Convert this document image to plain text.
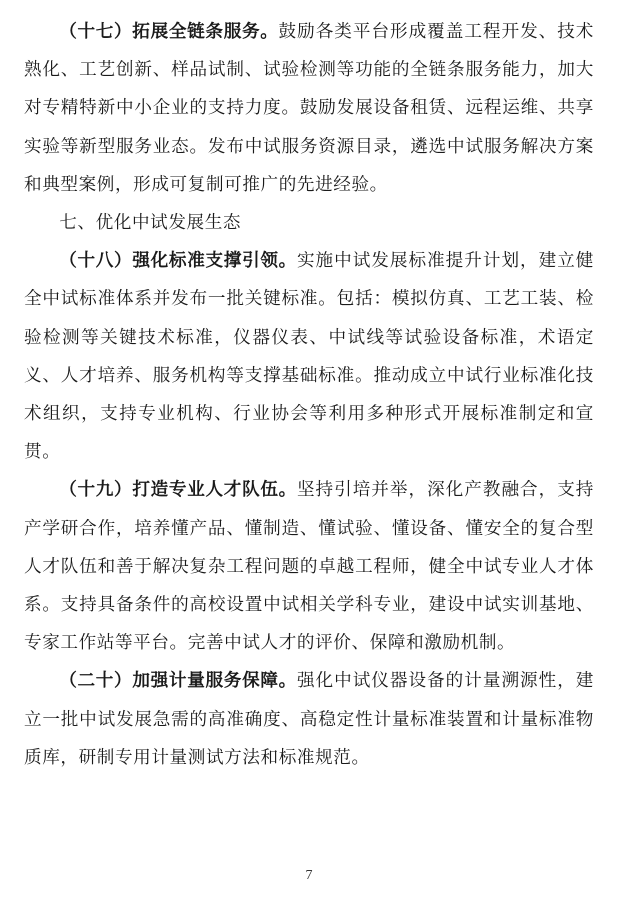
（十七）拓展全链条服务。鼓励各类平台形成覆盖工程开发、技术熟化、工艺创新、样品试制、试验检测等功能的全链条服务能力，加大对专精特新中小企业的支持力度。鼓励发展设备租赁、远程运维、共享实验等新型服务业态。发布中试服务资源目录，遴选中试服务解决方案和典型案例，形成可复制可推广的先进经验。

七、优化中试发展生态

（十八）强化标准支撑引领。实施中试发展标准提升计划，建立健全中试标准体系并发布一批关键标准。包括：模拟仿真、工艺工装、检验检测等关键技术标准，仪器仪表、中试线等试验设备标准，术语定义、人才培养、服务机构等支撑基础标准。推动成立中试行业标准化技术组织，支持专业机构、行业协会等利用多种形式开展标准制定和宣贯。

（十九）打造专业人才队伍。坚持引培并举，深化产教融合，支持产学研合作，培养懂产品、懂制造、懂试验、懂设备、懂安全的复合型人才队伍和善于解决复杂工程问题的卓越工程师，健全中试专业人才体系。支持具备条件的高校设置中试相关学科专业，建设中试实训基地、专家工作站等平台。完善中试人才的评价、保障和激励机制。

（二十）加强计量服务保障。强化中试仪器设备的计量溯源性，建立一批中试发展急需的高准确度、高稳定性计量标准装置和计量标准物质库，研制专用计量测试方法和标准规范。

7
